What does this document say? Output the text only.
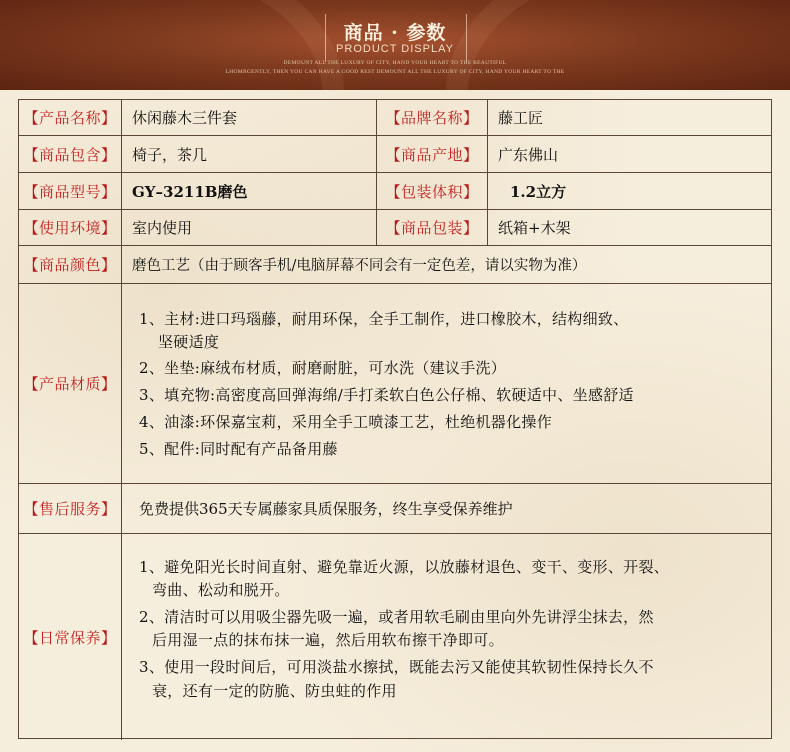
商品 · 参数
PRODUCT DISPLAY
DEMOUNT ALL THE LUXURY OF CITY, HAND YOUR HEART TO THE BEAUTIFUL
LHOMBGENTLY, THEN YOU CAN HAVE A GOOD REST DEMOUNT ALL THE LUXURY OF CITY, HAND YOUR HEART TO THE
【产品名称】	休闲藤木三件套	【品牌名称】	藤工匠
【商品包含】	椅子，茶几	【商品产地】	广东佛山
【商品型号】	GY–3211B磨色	【包装体积】	1.2立方
【使用环境】	室内使用	【商品包装】	纸箱+木架
【商品颜色】	磨色工艺（由于顾客手机/电脑屏幕不同会有一定色差，请以实物为准）
【产品材质】
1、主材:进口玛瑙藤，耐用环保，全手工制作，进口橡胶木，结构细致、
坚硬适度
2、坐垫:麻绒布材质，耐磨耐脏，可水洗（建议手洗）
3、填充物:高密度高回弹海绵/手打柔软白色公仔棉、软硬适中、坐感舒适
4、油漆:环保嘉宝莉，采用全手工喷漆工艺，杜绝机器化操作
5、配件:同时配有产品备用藤
【售后服务】	免费提供365天专属藤家具质保服务，终生享受保养维护
【日常保养】
1、避免阳光长时间直射、避免靠近火源，以放藤材退色、变干、变形、开裂、
弯曲、松动和脱开。
2、清洁时可以用吸尘器先吸一遍，或者用软毛刷由里向外先讲浮尘抹去，然
后用湿一点的抹布抹一遍，然后用软布擦干净即可。
3、使用一段时间后，可用淡盐水擦拭，既能去污又能使其软韧性保持长久不
衰，还有一定的防脆、防虫蛀的作用
